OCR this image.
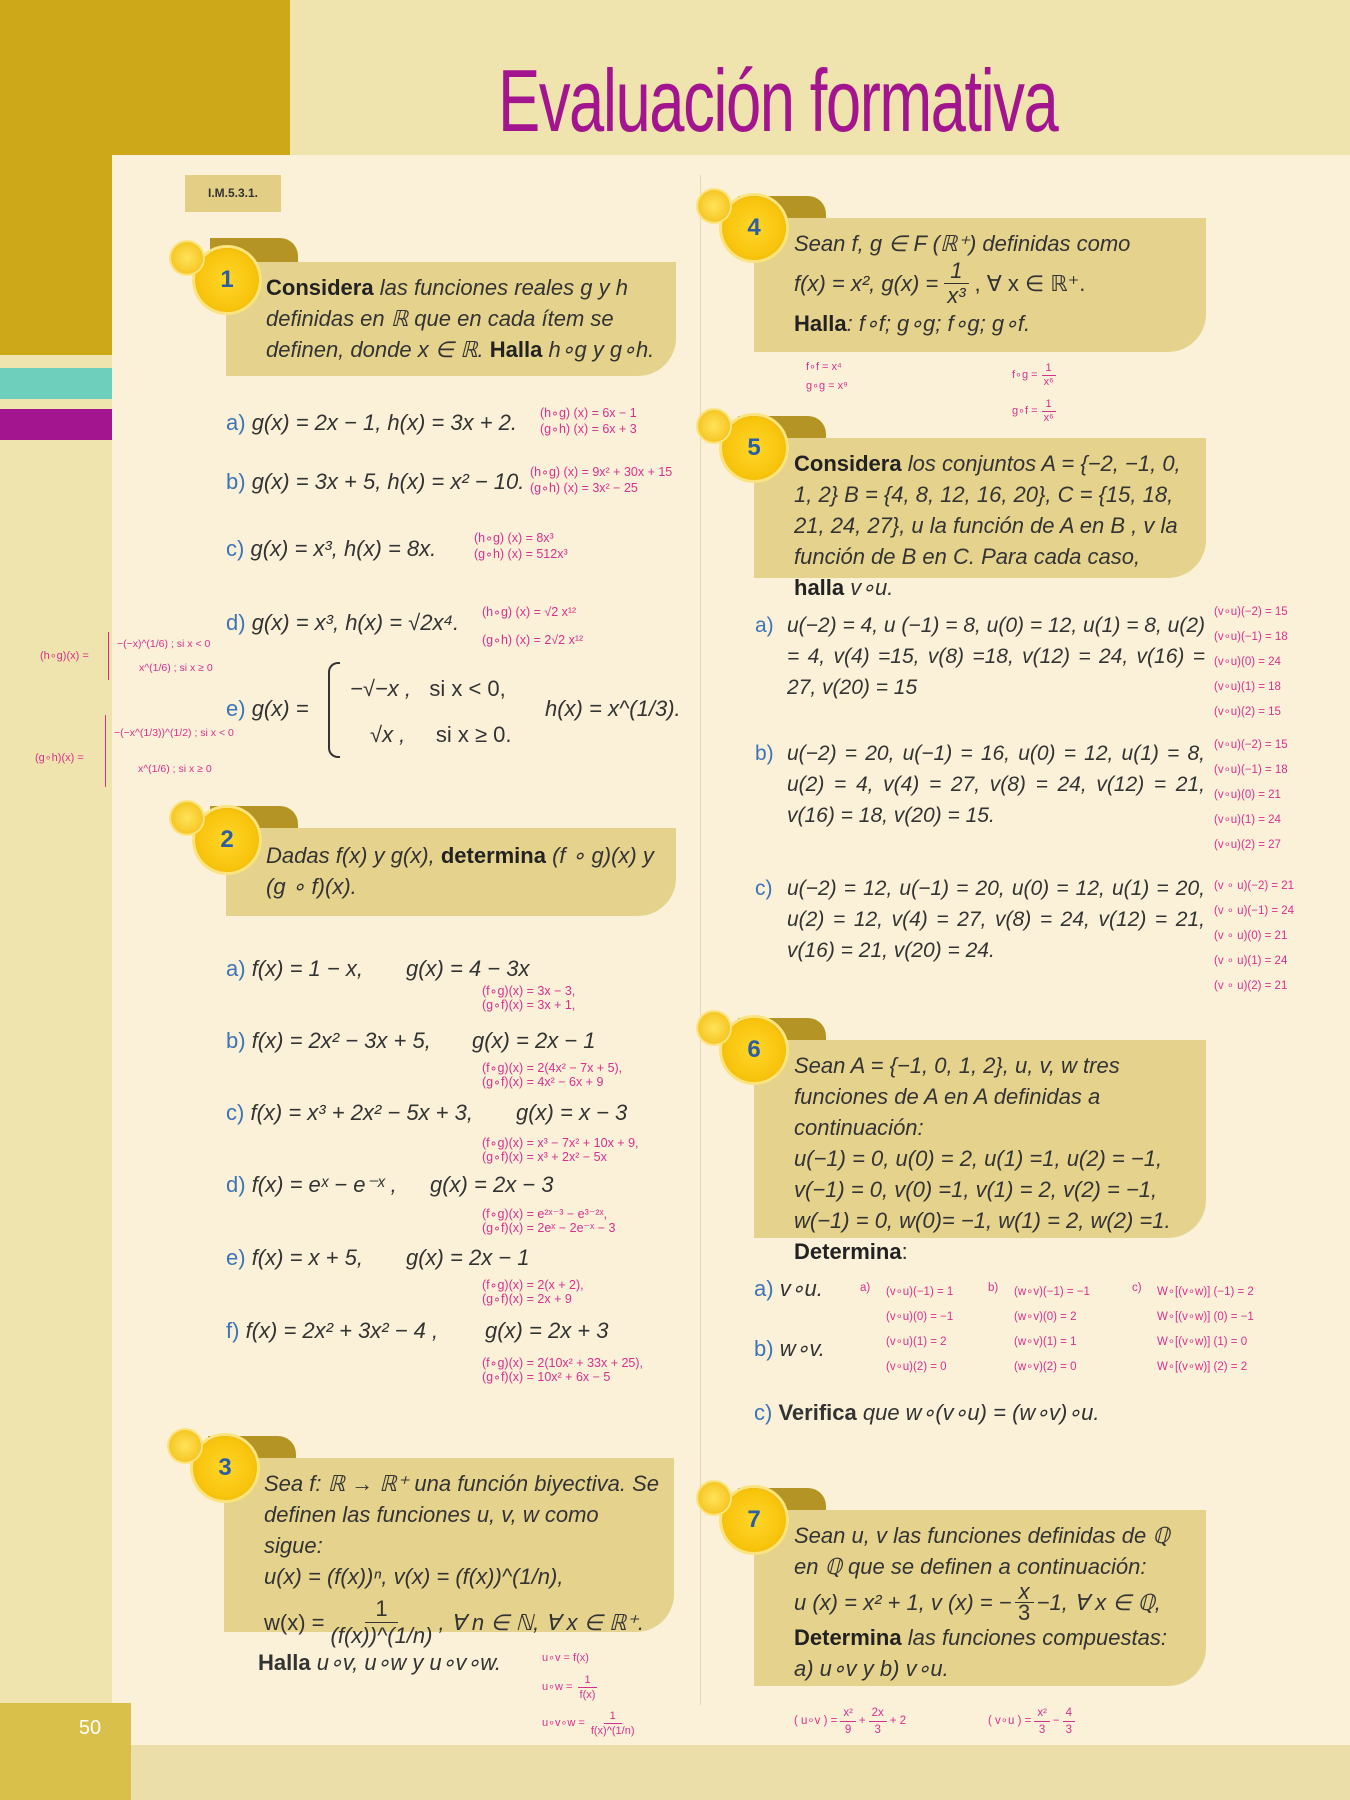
50
Evaluación formativa
I.M.5.3.1.
1	Considera las funciones reales g y h definidas en ℝ que en cada ítem se definen, donde x ∈ ℝ. Halla h∘g y g∘h.
a) g(x) = 2x − 1, h(x) = 3x + 2. (h∘g) (x) = 6x − 1
(g∘h) (x) = 6x + 3
b) g(x) = 3x + 5, h(x) = x² − 10. (h∘g) (x) = 9x² + 30x + 15
(g∘h) (x) = 3x² − 25
c) g(x) = x³, h(x) = 8x.	(h∘g) (x) = 8x³
(g∘h) (x) = 512x³
d) g(x) = x³, h(x) = √2x⁴. (h∘g) (x) = √2 x¹²
(g∘h) (x) = 2√2 x¹²
e) g(x) =
−√−x , si x < 0,
√x , si x ≥ 0.
h(x) = x^(1/3).
(h∘g)(x) =
−(−x)^(1/6) ; si x < 0
x^(1/6) ; si x ≥ 0
(g∘h)(x) =
−(−x^(1/3))^(1/2) ; si x < 0
x^(1/6) ; si x ≥ 0
2
Dadas f(x) y g(x), determina (f ∘ g)(x) y (g ∘ f)(x).
a) f(x) = 1 − x, g(x) = 4 − 3x
(f∘g)(x) = 3x − 3,
(g∘f)(x) = 3x + 1,
b) f(x) = 2x² − 3x + 5, g(x) = 2x − 1
(f∘g)(x) = 2(4x² − 7x + 5),
(g∘f)(x) = 4x² − 6x + 9
c) f(x) = x³ + 2x² − 5x + 3, g(x) = x − 3
(f∘g)(x) = x³ − 7x² + 10x + 9,
(g∘f)(x) = x³ + 2x² − 5x
d) f(x) = eˣ − e⁻ˣ , g(x) = 2x − 3
(f∘g)(x) = e²ˣ⁻³ − e³⁻²ˣ,
(g∘f)(x) = 2eˣ − 2e⁻ˣ − 3
e) f(x) = x + 5, g(x) = 2x − 1
(f∘g)(x) = 2(x + 2),
(g∘f)(x) = 2x + 9
f) f(x) = 2x² + 3x² − 4 , g(x) = 2x + 3
(f∘g)(x) = 2(10x² + 33x + 25),
(g∘f)(x) = 10x² + 6x − 5
3
Sea f: ℝ → ℝ⁺ una función biyectiva. Se definen las funciones u, v, w como sigue:
u(x) = (f(x))ⁿ, v(x) = (f(x))^(1/n),
$w(x) = \frac{1}{(f(x))\^{}(1/n)}$ , ∀ n ∈ ℕ, ∀ x ∈ ℝ⁺.
Halla u∘v, u∘w y u∘v∘w.	u∘v = f(x)
u∘w = $\frac{1}{f(x)}$
u∘v∘w = $\frac{1}{f(x)\^{}(1/n)}$
4
Sean f, g ∈ F (ℝ⁺) definidas como
f(x) = x², $g(x) = \frac{1}{\text{x³}}$ , ∀ x ∈ ℝ⁺.
Halla: f∘f; g∘g; f∘g; g∘f.
f∘f = x⁴
g∘g = x⁹
f∘g = $\frac{1}{\text{x⁶}}$
g∘f = $\frac{1}{\text{x⁶}}$
5
Considera los conjuntos A = {−2, −1, 0, 1, 2} B = {4, 8, 12, 16, 20}, C = {15, 18, 21, 24, 27}, u la función de A en B , v la función de B en C. Para cada caso, halla v∘u.
a) u(−2) = 4, u (−1) = 8, u(0) = 12, u(1) = 8, u(2) = 4, v(4) =15, v(8) =18, v(12) = 24, v(16) = 27, v(20) = 15
(v∘u)(−2) = 15
(v∘u)(−1) = 18
(v∘u)(0) = 24
(v∘u)(1) = 18
(v∘u)(2) = 15
b) u(−2) = 20, u(−1) = 16, u(0) = 12, u(1) = 8, u(2) = 4, v(4) = 27, v(8) = 24, v(12) = 21, v(16) = 18, v(20) = 15.
(v∘u)(−2) = 15
(v∘u)(−1) = 18
(v∘u)(0) = 21
(v∘u)(1) = 24
(v∘u)(2) = 27
c) u(−2) = 12, u(−1) = 20, u(0) = 12, u(1) = 20, u(2) = 12, v(4) = 27, v(8) = 24, v(12) = 21, v(16) = 21, v(20) = 24.
(v ∘ u)(−2) = 21
(v ∘ u)(−1) = 24
(v ∘ u)(0) = 21
(v ∘ u)(1) = 24
(v ∘ u)(2) = 21
6
Sean A = {−1, 0, 1, 2}, u, v, w tres funciones de A en A definidas a continuación:
u(−1) = 0, u(0) = 2, u(1) =1, u(2) = −1,
v(−1) = 0, v(0) =1, v(1) = 2, v(2) = −1,
w(−1) = 0, w(0)= −1, w(1) = 2, w(2) =1.
Determina:
a) v∘u.
b) w∘v.
c) Verifica que w∘(v∘u) = (w∘v)∘u.
a) (v∘u)(−1) = 1
(v∘u)(0) = −1
(v∘u)(1) = 2
(v∘u)(2) = 0
b) (w∘v)(−1) = −1
(w∘v)(0) = 2
(w∘v)(1) = 1
(w∘v)(2) = 0
c) W∘[(v∘w)] (−1) = 2
W∘[(v∘w)] (0) = −1
W∘[(v∘w)] (1) = 0
W∘[(v∘w)] (2) = 2
7
Sean u, v las funciones definidas de ℚ en ℚ que se definen a continuación:
u (x) = x² + 1, v (x) = − $\frac{x}{3} -1$, ∀ x ∈ ℚ,
Determina las funciones compuestas:
a) u∘v y b) v∘u.
( u∘v ) = $\frac{\text{x²}}{9} + \frac{2x}{3} + 2$	( v∘u ) = $\frac{\text{x²}}{3} - \frac{4}{3}$
